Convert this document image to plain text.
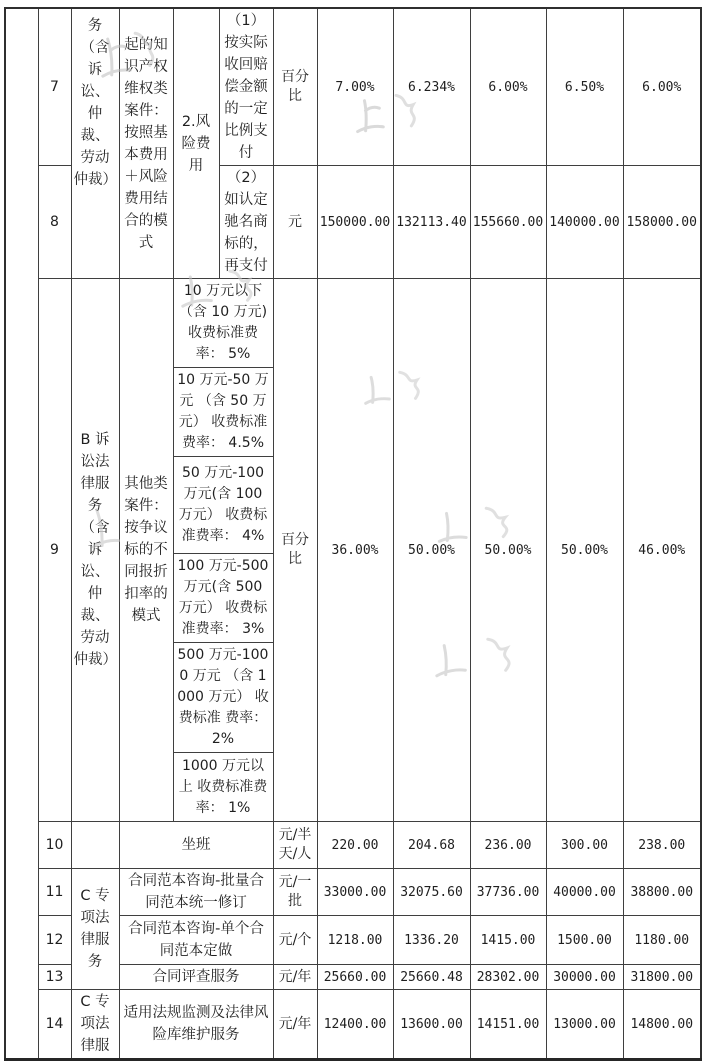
	7	务（含诉讼、仲裁、劳动仲裁）	起的知识产权维权类案件：按照基本费用＋风险费用结合的模式	2.风险费用	（1）按实际收回赔偿金额的一定比例支付	百分比	7.00%	6.234%	6.00%	6.50%	6.00%
	8				（2）如认定驰名商标的，再支付	元	150000.00	132113.40	155660.00	140000.00	158000.00
	9	B 诉讼法律服务（含诉讼、仲裁、劳动仲裁）	其他类案件：按争议标的不同报折扣率的模式	10 万元以下（含 10 万元)收费标准费率： 5%		百分比	36.00%	50.00%	50.00%	50.00%	46.00%
				10 万元-50 万元 （含 50 万元） 收费标准费率： 4.5%							
				50 万元-100 万元(含 100 万元） 收费标准费率： 4%							
				100 万元-500 万元(含 500 万元） 收费标准费率： 3%							
				500 万元-1000 万元 （含 1000 万元） 收费标准 费率： 2%							
				1000 万元以上 收费标准费率： 1%							
	10		坐班			元/半天/人	220.00	204.68	236.00	300.00	238.00
	11	C 专项法律服务	合同范本咨询-批量合同范本统一修订			元/一批	33000.00	32075.60	37736.00	40000.00	38800.00
	12		合同范本咨询-单个合同范本定做			元/个	1218.00	1336.20	1415.00	1500.00	1180.00
	13		合同评查服务			元/年	25660.00	25660.48	28302.00	30000.00	31800.00
	14	C 专项法律服	适用法规监测及法律风险库维护服务			元/年	12400.00	13600.00	14151.00	13000.00	14800.00
